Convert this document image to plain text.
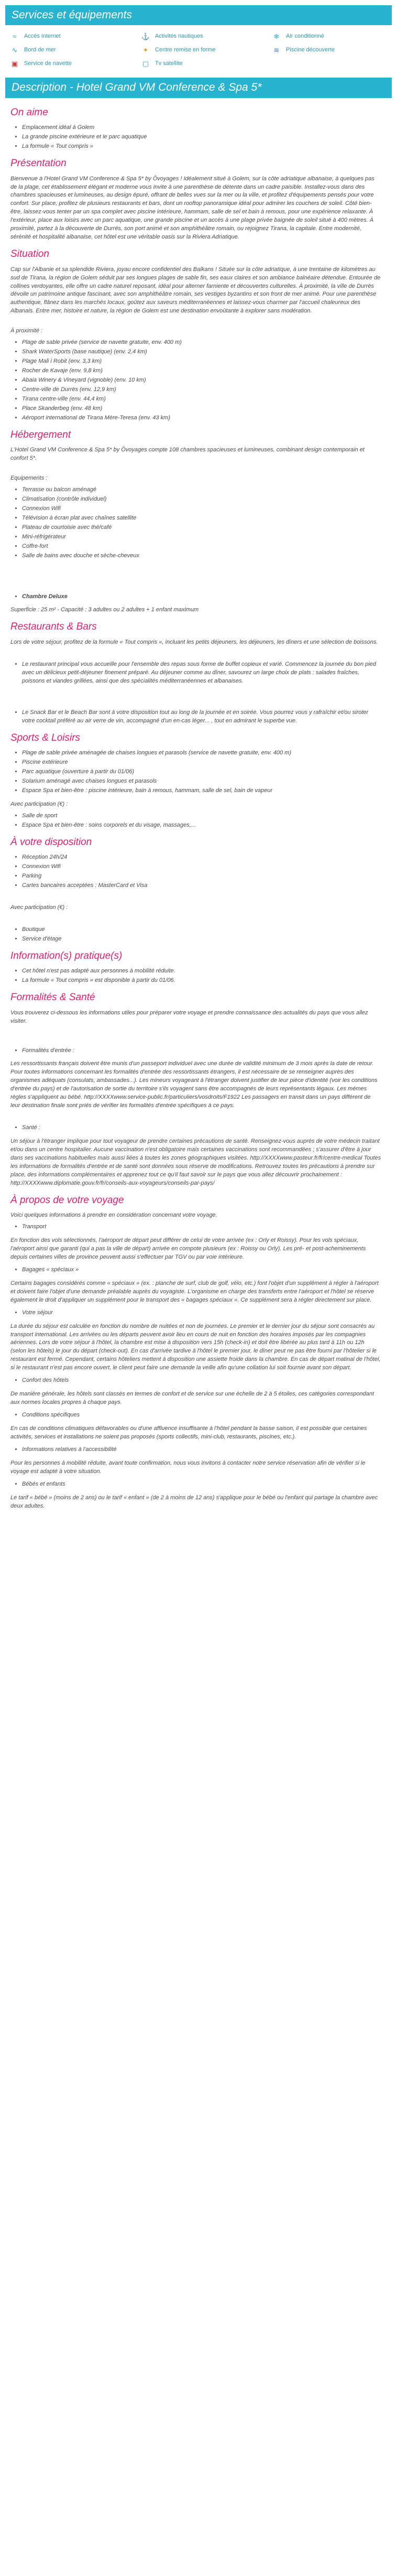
Services et équipements
≈	Accès internet	⚓ Activités nautiques	❄ Air conditionné
∿ Bord de mer	✦ Centre remise en forme	≋ Piscine découverte
▣ Service de navette	▢ Tv satellite
Description - Hotel Grand VM Conference & Spa 5*
On aime
• Emplacement idéal à Golem
• La grande piscine extérieure et le parc aquatique
• La formule « Tout compris »
Présentation

Bienvenue à l'Hotel Grand VM Conference & Spa 5* by Ôvoyages ! Idéalement situé à Golem, sur la côte adriatique albanaise, à quelques pas de la plage, cet établissement élégant et moderne vous invite à une parenthèse de détente dans un cadre paisible. Installez-vous dans des chambres spacieuses et lumineuses, au design épuré, offrant de belles vues sur la mer ou la ville, et profitez d'équipements pensés pour votre confort. Sur place, profitez de plusieurs restaurants et bars, dont un rooftop panoramique idéal pour admirer les couchers de soleil. Côté bien-être, laissez-vous tenter par un spa complet avec piscine intérieure, hammam, salle de sel et bain à remous, pour une expérience relaxante. À l'extérieur, place aux loisirs avec un parc aquatique, une grande piscine et un accès à une plage privée baignée de soleil situé à 400 mètres. À proximité, partez à la découverte de Durrës, son port animé et son amphithéâtre romain, ou rejoignez Tirana, la capitale. Entre modernité, sérénité et hospitalité albanaise, cet hôtel est une véritable oasis sur la Riviera Adriatique.

Situation

Cap sur l'Albanie et sa splendide Riviera, joyau encore confidentiel des Balkans ! Située sur la côte adriatique, à une trentaine de kilomètres au sud de Tirana, la région de Golem séduit par ses longues plages de sable fin, ses eaux claires et son ambiance balnéaire détendue. Entourée de collines verdoyantes, elle offre un cadre naturel reposant, idéal pour alterner farniente et découvertes culturelles. À proximité, la ville de Durrës dévoile un patrimoine antique fascinant, avec son amphithéâtre romain, ses vestiges byzantins et son front de mer animé. Pour une parenthèse authentique, flânez dans les marchés locaux, goûtez aux saveurs méditerranéennes et laissez-vous charmer par l'accueil chaleureux des Albanais. Entre mer, histoire et nature, la région de Golem est une destination envoûtante à explorer sans modération.

À proximité :

• Plage de sable privée (service de navette gratuite, env. 400 m)
• Shark WaterSports (base nautique) (env. 2,4 km)
• Plage Mali i Robit (env. 3,3 km)
• Rocher de Kavaje (env. 9,8 km)
• Abaia Winery & Vineyard (vignoble) (env. 10 km)
• Centre-ville de Durrës (env. 12,9 km)
• Tirana centre-ville (env. 44,4 km)
• Place Skanderbeg (env. 48 km)
• Aéroport international de Tirana Mère-Teresa (env. 43 km)
Hébergement

L'Hotel Grand VM Conference & Spa 5* by Ôvoyages compte 108 chambres spacieuses et lumineuses, combinant design contemporain et confort 5*.

Equipements :

• Terrasse ou balcon aménagé
• Climatisation (contrôle individuel)
• Connexion Wifi
• Télévision à écran plat avec chaînes satellite
• Plateau de courtoisie avec thé/café
• Mini-réfrigérateur
• Coffre-fort
• Salle de bains avec douche et sèche-cheveux
• Chambre Deluxe

Superficie : 25 m² - Capacité : 3 adultes ou 2 adultes + 1 enfant maximum

Restaurants & Bars

Lors de votre séjour, profitez de la formule « Tout compris », incluant les petits déjeuners, les déjeuners, les dîners et une sélection de boissons.

• Le restaurant principal vous accueille pour l'ensemble des repas sous forme de buffet copieux et varié. Commencez la journée du bon pied avec un délicieux petit-déjeuner finement préparé. Au déjeuner comme au dîner, savourez un large choix de plats : salades fraîches, poissons et viandes grillées, ainsi que des spécialités méditerranéennes et albanaises.
• Le Snack Bar et le Beach Bar sont à votre disposition tout au long de la journée et en soirée. Vous pourrez vous y rafraîchir et/ou siroter votre cocktail préféré au air verre de vin, accompagné d'un en-cas léger... , tout en admirant le superbe vue.
Sports & Loisirs
• Plage de sable privée aménagée de chaises longues et parasols (service de navette gratuite, env. 400 m)
• Piscine extérieure
• Parc aquatique (ouverture à partir du 01/06)
• Solarium aménagé avec chaises longues et parasols
• Espace Spa et bien-être : piscine intérieure, bain à remous, hammam, salle de sel, bain de vapeur

Avec participation (€) :

• Salle de sport
• Espace Spa et bien-être : soins corporels et du visage, massages,...
À votre disposition
• Réception 24h/24
• Connexion Wifi
• Parking
• Cartes bancaires acceptées : MasterCard et Visa

Avec participation (€) :

• Boutique
• Service d'étage
Information(s) pratique(s)
• Cet hôtel n'est pas adapté aux personnes à mobilité réduite.
• La formule « Tout compris » est disponible à partir du 01/06.
Formalités & Santé

Vous trouverez ci-dessous les informations utiles pour préparer votre voyage et prendre connaissance des actualités du pays que vous allez visiter.

• Formalités d'entrée :

Les ressortissants français doivent être munis d'un passeport individuel avec une durée de validité minimum de 3 mois après la date de retour. Pour toutes informations concernant les formalités d'entrée des ressortissants étrangers, il est nécessaire de se renseigner auprès des organismes adéquats (consulats, ambassades...). Les mineurs voyageant à l'étranger doivent justifier de leur pièce d'identité (voir les conditions d'entrée du pays) et de l'autorisation de sortie du territoire s'ils voyagent sans être accompagnés de leurs représentants légaux. Les mémes règles s'appliquent au bébé. http://XXXXwww.service-public.fr/particuliers/vosdroits/F1922 Les passagers en transit dans un pays différent de leur destination finale sont priés de vérifier les formalités d'entrée spécifiques à ce pays.

• Santé :

Un séjour à l'étranger implique pour tout voyageur de prendre certaines précautions de santé. Renseignez-vous auprès de votre médecin traitant et/ou dans un centre hospitalier. Aucune vaccination n'est obligatoire mais certaines vaccinations sont recommandées ; s'assurer d'être à jour dans ses vaccinations habituelles mais aussi liées à toutes les zones géographiques visitées. http://XXXXwww.pasteur.fr/fr/centre-medical Toutes les informations de formalités d'entrée et de santé sont données sous réserve de modifications. Retrouvez toutes les précautions à prendre sur place, des informations complémentaires et apprenez tout ce qu'il faut savoir sur le pays que vous allez découvrir prochainement : http://XXXXwww.diplomatie.gouv.fr/fr/conseils-aux-voyageurs/conseils-par-pays/

À propos de votre voyage

Voici quelques informations à prendre en considération concernant votre voyage.

• Transport

En fonction des vols sélectionnés, l'aéroport de départ peut différer de celui de votre arrivée (ex : Orly et Roissy). Pour les vols spéciaux, l'aéroport ainsi que garanti (qui a pas la ville de départ) arrivée en compote plusieurs (ex : Roissy ou Orly). Les pré- et post-acheminements depuis certaines villes de province peuvent aussi s'effectuer par TGV ou par voie intérieure.

• Bagages « spéciaux »

Certains bagages considérés comme « spéciaux » (ex. : planche de surf, club de golf, vélo, etc.) font l'objet d'un supplément à régler à l'aéroport et doivent faire l'objet d'une demande préalable auprès du voyagiste. L'organisme en charge des transferts entre l'aéroport et l'hôtel se réserve également le droit d'appliquer un supplément pour le transport des « bagages spéciaux ». Ce supplément sera à régler directement sur place.

• Votre séjour

La durée du séjour est calculée en fonction du nombre de nuitées et non de journées. Le premier et le dernier jour du séjour sont consacrés au transport international. Les arrivées ou les départs peuvent avoir lieu en cours de nuit en fonction des horaires imposés par les compagnies aériennes. Lors de votre séjour à l'hôtel, la chambre est mise à disposition vers 15h (check-in) et doit être libérée au plus tard à 11h ou 12h (selon les hôtels) le jour du départ (check-out). En cas d'arrivée tardive à l'hôtel le premier jour, le dîner peut ne pas être fourni par l'hôtelier si le restaurant est fermé. Cependant, certains hôteliers mettent à disposition une assiette froide dans la chambre. En cas de départ matinal de l'hôtel, si le restaurant n'est pas encore ouvert, le client peut faire une demande la veille afin qu'une collation lui soit fournie avant son départ.

• Confort des hôtels

De manière générale, les hôtels sont classés en termes de confort et de service sur une échelle de 2 à 5 étoiles, ces catégories correspondant aux normes locales propres à chaque pays.

• Conditions spécifiques

En cas de conditions climatiques défavorables ou d'une affluence insuffisante à l'hôtel pendant la basse saison, il est possible que certaines activités, services et installations ne soient pas proposés (sports collectifs, mini-club, restaurants, piscines, etc.).

• Informations relatives à l'accessibilité

Pour les personnes à mobilité réduite, avant toute confirmation, nous vous invitons à contacter notre service réservation afin de vérifier si le voyage est adapté à votre situation.

• Bébés et enfants

Le tarif « bébé » (moins de 2 ans) ou le tarif « enfant » (de 2 à moins de 12 ans) s'applique pour le bébé ou l'enfant qui partage la chambre avec deux adultes.
